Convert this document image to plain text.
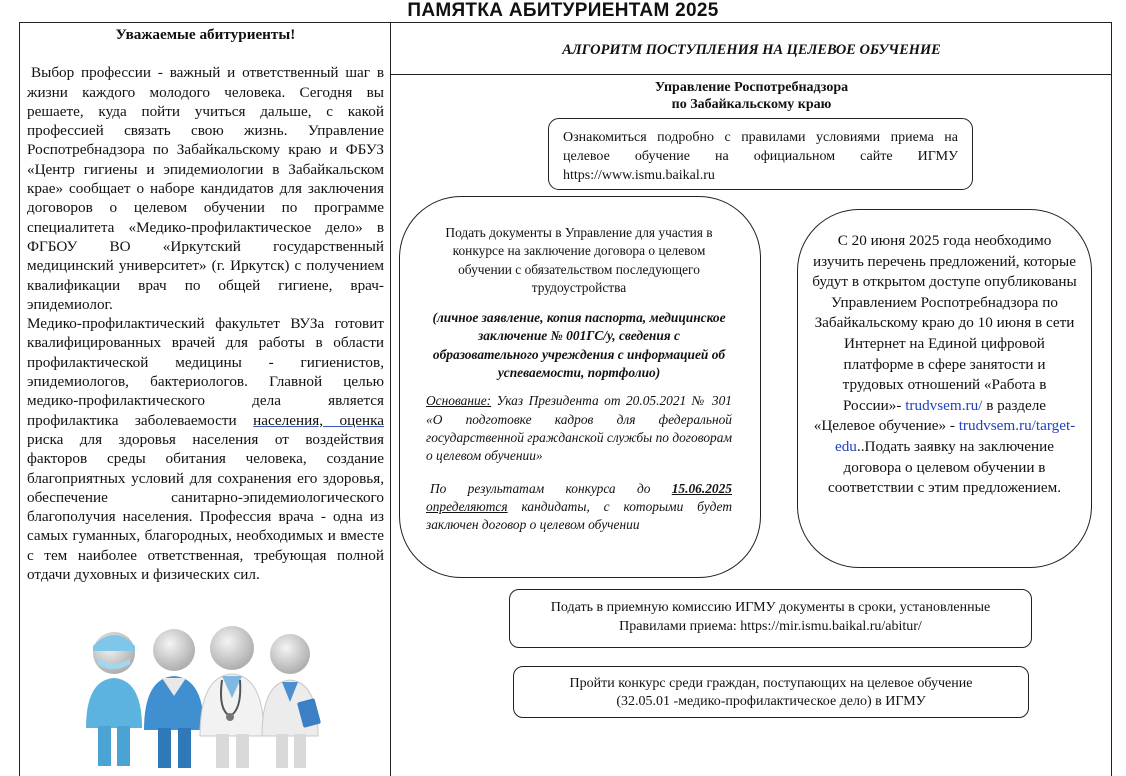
ПАМЯТКА АБИТУРИЕНТАМ 2025
Уважаемые абитуриенты!

Выбор профессии - важный и ответственный шаг в жизни каждого молодого человека. Сегодня вы решаете, куда пойти учиться дальше, с какой профессией связать свою жизнь. Управление Роспотребнадзора по Забайкальскому краю и ФБУЗ «Центр гигиены и эпидемиологии в Забайкальском крае» сообщает о наборе кандидатов для заключения договоров о целевом обучении по программе специалитета «Медико-профилактическое дело» в ФГБОУ ВО «Иркутский государственный медицинский университет» (г. Иркутск) с получением квалификации врач по общей гигиене, врач-эпидемиолог.

Медико-профилактический факультет ВУЗа готовит квалифицированных врачей для работы в области профилактической медицины - гигиенистов, эпидемиологов, бактериологов. Главной целью медико-профилактического дела является профилактика заболеваемости населения, оценка риска для здоровья населения от воздействия факторов среды обитания человека, создание благоприятных условий для сохранения его здоровья, обеспечение санитарно-эпидемиологического благополучия населения. Профессия врача - одна из самых гуманных, благородных, необходимых и вместе с тем наиболее ответственная, требующая полной отдачи духовных и физических сил.

АЛГОРИТМ ПОСТУПЛЕНИЯ НА ЦЕЛЕВОЕ ОБУЧЕНИЕ
Управление Роспотребнадзора
по Забайкальскому краю
Ознакомиться подробно с правилами условиями приема на целевое обучение на официальном сайте ИГМУ https://www.ismu.baikal.ru

Подать документы в Управление для участия в конкурсе на заключение договора о целевом обучении с обязательством последующего трудоустройства

(личное заявление, копия паспорта, медицинское заключение № 001ГС/у, сведения с образовательного учреждения с информацией об успеваемости, портфолио)

Основание: Указ Президента от 20.05.2021 № 301 «О подготовке кадров для федеральной государственной гражданской службы по договорам о целевом обучении»

По результатам конкурса до 15.06.2025 определяются кандидаты, с которыми будет заключен договор о целевом обучении

С 20 июня 2025 года необходимо изучить перечень предложений, которые будут в открытом доступе опубликованы Управлением Роспотребнадзора по Забайкальскому краю до 10 июня в сети Интернет на Единой цифровой платформе в сфере занятости и трудовых отношений «Работа в России»- trudvsem.ru/ в разделе «Целевое обучение» - trudvsem.ru/target-edu..Подать заявку на заключение договора о целевом обучении в соответствии с этим предложением.
Подать в приемную комиссию ИГМУ документы в сроки, установленные Правилами приема: https://mir.ismu.baikal.ru/abitur/
Пройти конкурс среди граждан, поступающих на целевое обучение
(32.05.01 -медико-профилактическое дело) в ИГМУ
